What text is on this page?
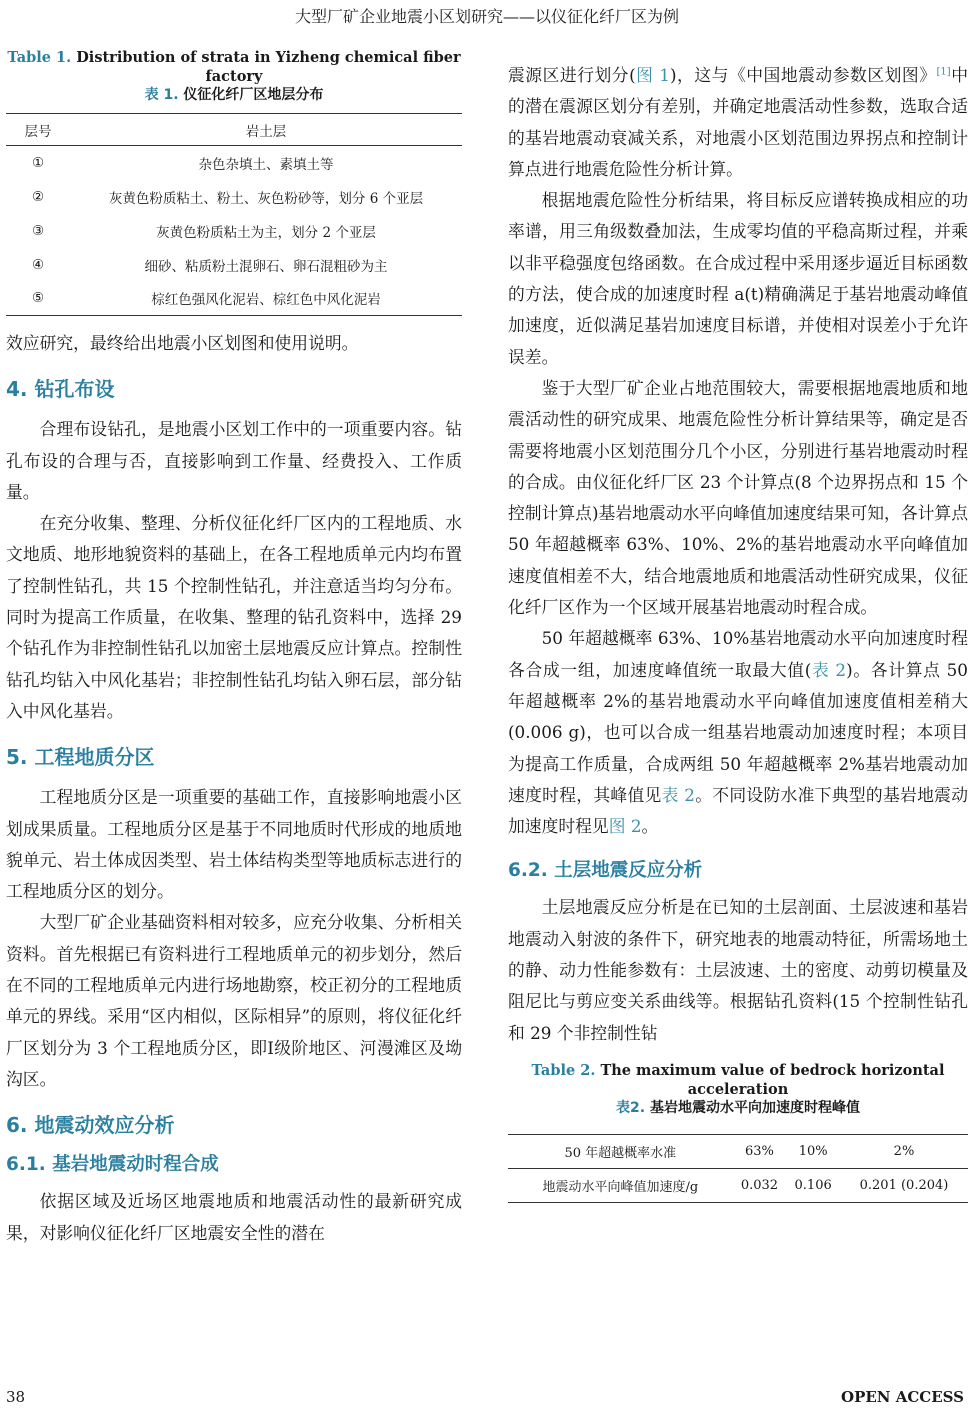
大型厂矿企业地震小区划研究——以仪征化纤厂区为例
Table 1. Distribution of strata in Yizheng chemical fiber factory
表 1. 仪征化纤厂区地层分布
层号	岩土层
①	杂色杂填土、素填土等
②	灰黄色粉质粘土、粉土、灰色粉砂等，划分 6 个亚层
③	灰黄色粉质粘土为主，划分 2 个亚层
④	细砂、粘质粉土混卵石、卵石混粗砂为主
⑤	棕红色强风化泥岩、棕红色中风化泥岩

效应研究，最终给出地震小区划图和使用说明。

4. 钻孔布设

合理布设钻孔，是地震小区划工作中的一项重要内容。钻孔布设的合理与否，直接影响到工作量、经费投入、工作质量。

在充分收集、整理、分析仪征化纤厂区内的工程地质、水文地质、地形地貌资料的基础上，在各工程地质单元内均布置了控制性钻孔，共 15 个控制性钻孔，并注意适当均匀分布。同时为提高工作质量，在收集、整理的钻孔资料中，选择 29 个钻孔作为非控制性钻孔以加密土层地震反应计算点。控制性钻孔均钻入中风化基岩；非控制性钻孔均钻入卵石层，部分钻入中风化基岩。

5. 工程地质分区

工程地质分区是一项重要的基础工作，直接影响地震小区划成果质量。工程地质分区是基于不同地质时代形成的地质地貌单元、岩土体成因类型、岩土体结构类型等地质标志进行的工程地质分区的划分。

大型厂矿企业基础资料相对较多，应充分收集、分析相关资料。首先根据已有资料进行工程地质单元的初步划分，然后在不同的工程地质单元内进行场地勘察，校正初分的工程地质单元的界线。采用“区内相似，区际相异”的原则，将仪征化纤厂区划分为 3 个工程地质分区，即Ⅰ级阶地区、河漫滩区及坳沟区。

6. 地震动效应分析
6.1. 基岩地震动时程合成

依据区域及近场区地震地质和地震活动性的最新研究成果，对影响仪征化纤厂区地震安全性的潜在

震源区进行划分(图 1)，这与《中国地震动参数区划图》[1]中的潜在震源区划分有差别，并确定地震活动性参数，选取合适的基岩地震动衰减关系，对地震小区划范围边界拐点和控制计算点进行地震危险性分析计算。

根据地震危险性分析结果，将目标反应谱转换成相应的功率谱，用三角级数叠加法，生成零均值的平稳高斯过程，并乘以非平稳强度包络函数。在合成过程中采用逐步逼近目标函数的方法，使合成的加速度时程 a(t)精确满足于基岩地震动峰值加速度，近似满足基岩加速度目标谱，并使相对误差小于允许误差。

鉴于大型厂矿企业占地范围较大，需要根据地震地质和地震活动性的研究成果、地震危险性分析计算结果等，确定是否需要将地震小区划范围分几个小区，分别进行基岩地震动时程的合成。由仪征化纤厂区 23 个计算点(8 个边界拐点和 15 个控制计算点)基岩地震动水平向峰值加速度结果可知，各计算点 50 年超越概率 63%、10%、2%的基岩地震动水平向峰值加速度值相差不大，结合地震地质和地震活动性研究成果，仪征化纤厂区作为一个区域开展基岩地震动时程合成。

50 年超越概率 63%、10%基岩地震动水平向加速度时程各合成一组，加速度峰值统一取最大值(表 2)。各计算点 50 年超越概率 2%的基岩地震动水平向峰值加速度值相差稍大(0.006 g)，也可以合成一组基岩地震动加速度时程；本项目为提高工作质量，合成两组 50 年超越概率 2%基岩地震动加速度时程，其峰值见表 2。不同设防水准下典型的基岩地震动加速度时程见图 2。

6.2. 土层地震反应分析

土层地震反应分析是在已知的土层剖面、土层波速和基岩地震动入射波的条件下，研究地表的地震动特征，所需场地土的静、动力性能参数有：土层波速、土的密度、动剪切模量及阻尼比与剪应变关系曲线等。根据钻孔资料(15 个控制性钻孔和 29 个非控制性钻

Table 2. The maximum value of bedrock horizontal acceleration
表2. 基岩地震动水平向加速度时程峰值
50 年超越概率水准	63%	10%	2%
地震动水平向峰值加速度/g	0.032	0.106	0.201 (0.204)
38	OPEN ACCESS
